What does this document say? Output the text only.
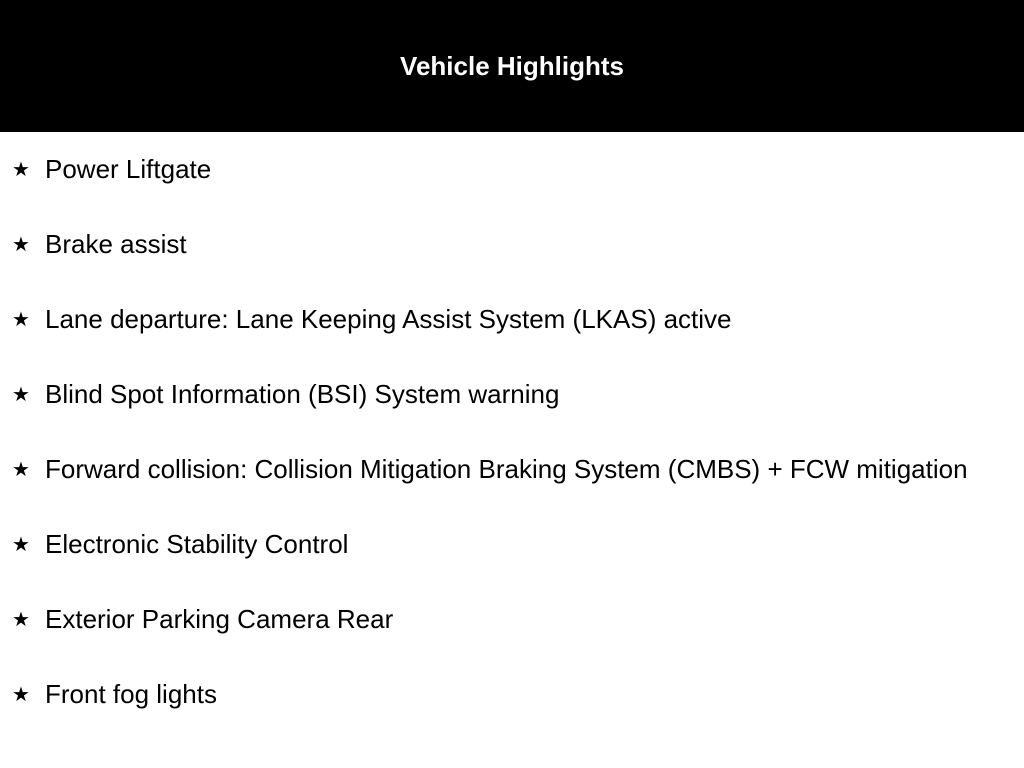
Vehicle Highlights
★ Power Liftgate
★ Brake assist
★ Lane departure: Lane Keeping Assist System (LKAS) active
★ Blind Spot Information (BSI) System warning
★ Forward collision: Collision Mitigation Braking System (CMBS) + FCW mitigation
★ Electronic Stability Control
★ Exterior Parking Camera Rear
★ Front fog lights
